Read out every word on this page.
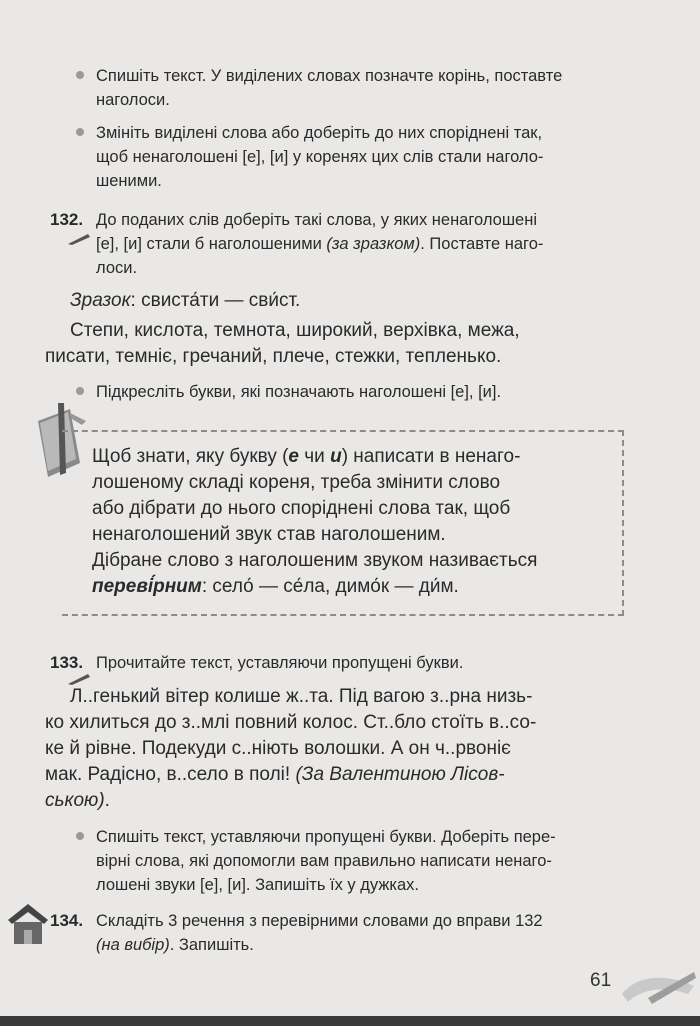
Спишіть текст. У виділених словах позначте корінь, поставте
наголоси.
Змініть виділені слова або доберіть до них споріднені так,
щоб ненаголошені [е], [и] у коренях цих слів стали наголо-
шеними.
132. До поданих слів доберіть такі слова, у яких ненаголошені
[е], [и] стали б наголошеними (за зразком). Поставте наго-
лоси.
Зразок: свиста́ти — сви́ст.
Степи, кислота, темнота, широкий, верхівка, межа,
писати, темніє, гречаний, плече, стежки, тепленько.
Підкресліть букви, які позначають наголошені [е], [и].
Щоб знати, яку букву (е чи и) написати в ненаго-
лошеному складі кореня, треба змінити слово
або дібрати до нього споріднені слова так, щоб
ненаголошений звук став наголошеним.
Дібране слово з наголошеним звуком називається
переві́рним: село́ — се́ла, димо́к — ди́м.
133. Прочитайте текст, уставляючи пропущені букви.
Л..генький вітер колише ж..та. Під вагою з..рна низь-
ко хилиться до з..млі повний колос. Ст..бло стоїть в..со-
ке й рівне. Подекуди с..ніють волошки. А он ч..рвоніє
мак. Радісно, в..село в полі! (За Валентиною Лісов-
ською).
Спишіть текст, уставляючи пропущені букви. Доберіть пере-
вірні слова, які допомогли вам правильно написати ненаго-
лошені звуки [е], [и]. Запишіть їх у дужках.
134. Складіть 3 речення з перевірними словами до вправи 132
(на вибір). Запишіть.
61
